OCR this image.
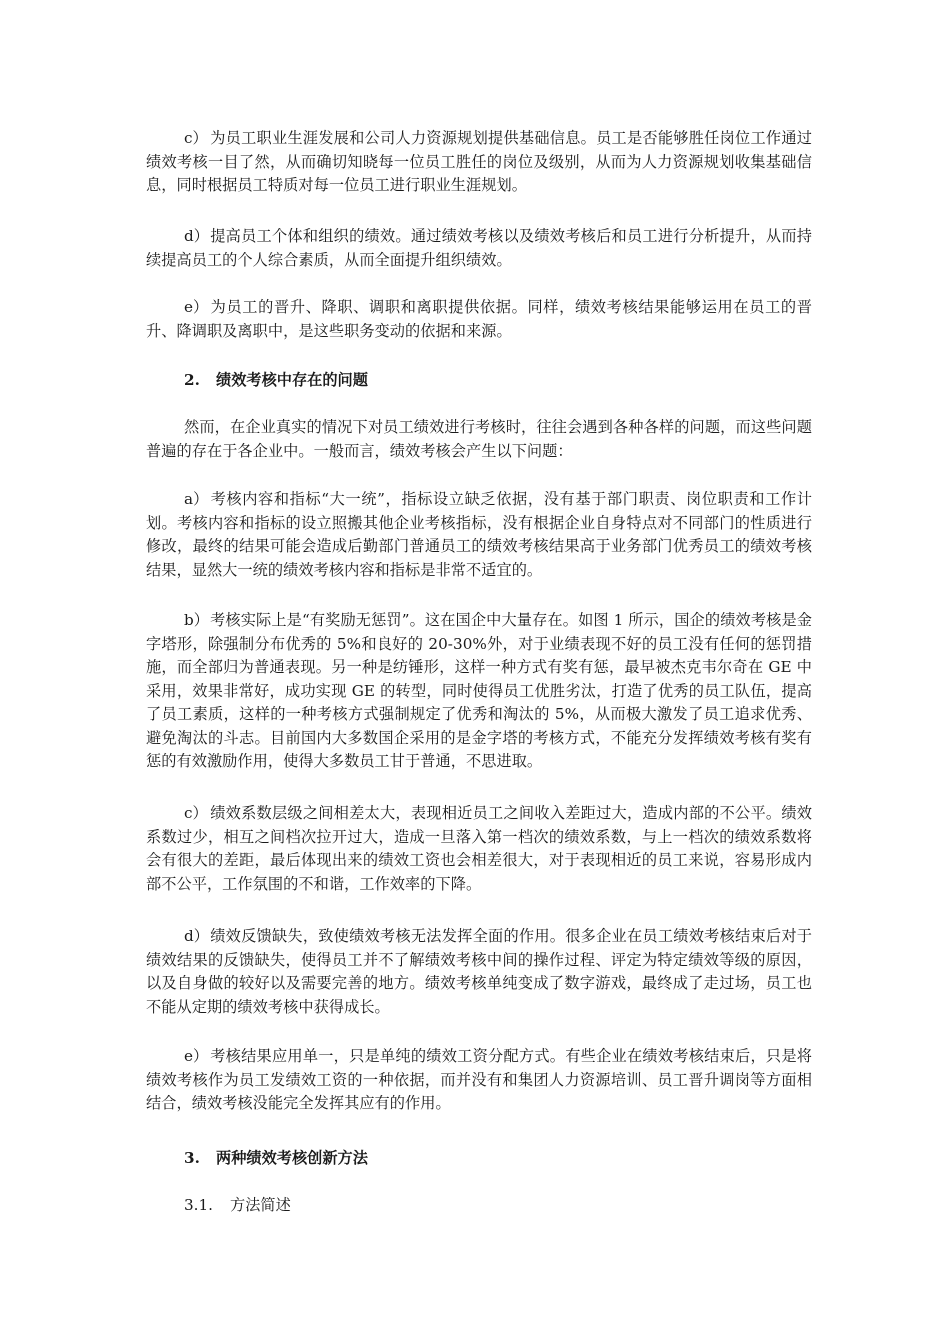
c） 为员工职业生涯发展和公司人力资源规划提供基础信息。员工是否能够胜任岗位工作通过绩效考核一目了然，从而确切知晓每一位员工胜任的岗位及级别，从而为人力资源规划收集基础信息，同时根据员工特质对每一位员工进行职业生涯规划。

d）提高员工个体和组织的绩效。通过绩效考核以及绩效考核后和员工进行分析提升，从而持续提高员工的个人综合素质，从而全面提升组织绩效。

e） 为员工的晋升、降职、调职和离职提供依据。同样，绩效考核结果能够运用在员工的晋升、降调职及离职中，是这些职务变动的依据和来源。

2. 绩效考核中存在的问题

然而，在企业真实的情况下对员工绩效进行考核时，往往会遇到各种各样的问题，而这些问题普遍的存在于各企业中。一般而言，绩效考核会产生以下问题：

a） 考核内容和指标“大一统”，指标设立缺乏依据，没有基于部门职责、岗位职责和工作计划。考核内容和指标的设立照搬其他企业考核指标，没有根据企业自身特点对不同部门的性质进行修改，最终的结果可能会造成后勤部门普通员工的绩效考核结果高于业务部门优秀员工的绩效考核结果，显然大一统的绩效考核内容和指标是非常不适宜的。

b）考核实际上是“有奖励无惩罚”。这在国企中大量存在。如图 1 所示，国企的绩效考核是金字塔形，除强制分布优秀的 5%和良好的 20-30%外，对于业绩表现不好的员工没有任何的惩罚措施，而全部归为普通表现。另一种是纺锤形，这样一种方式有奖有惩，最早被杰克韦尔奇在 GE 中采用，效果非常好，成功实现 GE 的转型，同时使得员工优胜劣汰，打造了优秀的员工队伍，提高了员工素质，这样的一种考核方式强制规定了优秀和淘汰的 5%，从而极大激发了员工追求优秀、避免淘汰的斗志。目前国内大多数国企采用的是金字塔的考核方式，不能充分发挥绩效考核有奖有惩的有效激励作用，使得大多数员工甘于普通，不思进取。

c） 绩效系数层级之间相差太大，表现相近员工之间收入差距过大，造成内部的不公平。绩效系数过少，相互之间档次拉开过大，造成一旦落入第一档次的绩效系数，与上一档次的绩效系数将会有很大的差距，最后体现出来的绩效工资也会相差很大，对于表现相近的员工来说，容易形成内部不公平，工作氛围的不和谐，工作效率的下降。

d）绩效反馈缺失，致使绩效考核无法发挥全面的作用。很多企业在员工绩效考核结束后对于绩效结果的反馈缺失，使得员工并不了解绩效考核中间的操作过程、评定为特定绩效等级的原因，以及自身做的较好以及需要完善的地方。绩效考核单纯变成了数字游戏，最终成了走过场，员工也不能从定期的绩效考核中获得成长。

e） 考核结果应用单一，只是单纯的绩效工资分配方式。有些企业在绩效考核结束后，只是将绩效考核作为员工发绩效工资的一种依据，而并没有和集团人力资源培训、员工晋升调岗等方面相结合，绩效考核没能完全发挥其应有的作用。

3. 两种绩效考核创新方法

3.1. 方法简述
